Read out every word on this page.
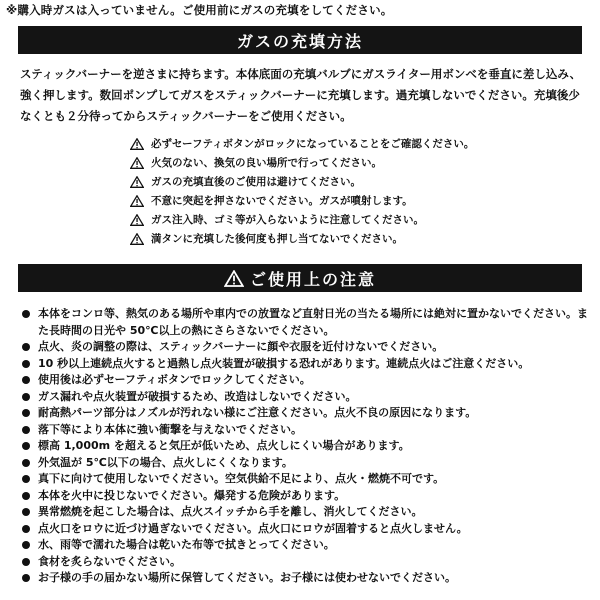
※購入時ガスは入っていません。ご使用前にガスの充填をしてください。
ガスの充填方法
スティックバーナーを逆さまに持ちます。本体底面の充填バルブにガスライター用ボンベを垂直に差し込み、強く押します。数回ポンプしてガスをスティックバーナーに充填します。過充填しないでください。充填後少なくとも２分待ってからスティックバーナーをご使用ください。
必ずセーフティボタンがロックになっていることをご確認ください。
火気のない、換気の良い場所で行ってください。
ガスの充填直後のご使用は避けてください。
不意に突起を押さないでください。ガスが噴射します。
ガス注入時、ゴミ等が入らないように注意してください。
満タンに充填した後何度も押し当てないでください。
ご使用上の注意
本体をコンロ等、熱気のある場所や車内での放置など直射日光の当たる場所には絶対に置かないでください。また長時間の日光や 50℃以上の熱にさらさないでください。
点火、炎の調整の際は、スティックバーナーに顔や衣服を近付けないでください。
10 秒以上連続点火すると過熱し点火装置が破損する恐れがあります。連続点火はご注意ください。
使用後は必ずセーフティボタンでロックしてください。
ガス漏れや点火装置が破損するため、改造はしないでください。
耐高熱パーツ部分はノズルが汚れない様にご注意ください。点火不良の原因になります。
落下等により本体に強い衝撃を与えないでください。
標高 1,000m を超えると気圧が低いため、点火しにくい場合があります。
外気温が 5℃以下の場合、点火しにくくなります。
真下に向けて使用しないでください。空気供給不足により、点火・燃焼不可です。
本体を火中に投じないでください。爆発する危険があります。
異常燃焼を起こした場合は、点火スイッチから手を離し、消火してください。
点火口をロウに近づけ過ぎないでください。点火口にロウが固着すると点火しません。
水、雨等で濡れた場合は乾いた布等で拭きとってください。
食材を炙らないでください。
お子様の手の届かない場所に保管してください。お子様には使わせないでください。
